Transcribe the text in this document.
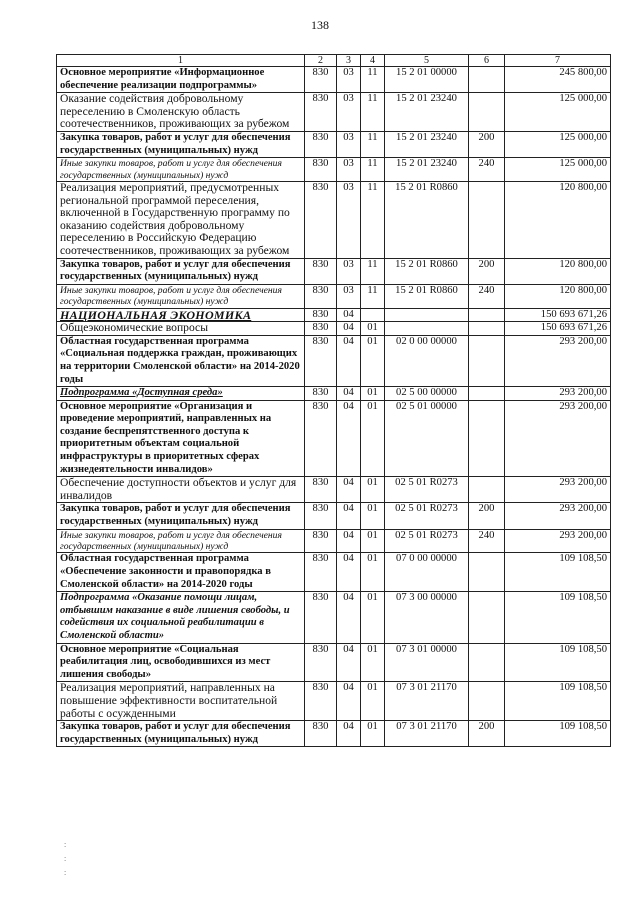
138
1	2	3	4	5	6	7
Основное мероприятие «Информационное обеспечение реализации подпрограммы»	830	03	11	15 2 01 00000		245 800,00
Оказание содействия добровольному переселению в Смоленскую область соотечественников, проживающих за рубежом	830	03	11	15 2 01 23240		125 000,00
Закупка товаров, работ и услуг для обеспечения государственных (муниципальных) нужд	830	03	11	15 2 01 23240	200	125 000,00
Иные закупки товаров, работ и услуг для обеспечения государственных (муниципальных) нужд	830	03	11	15 2 01 23240	240	125 000,00
Реализация мероприятий, предусмотренных региональной программой переселения, включенной в Государственную программу по оказанию содействия добровольному переселению в Российскую Федерацию соотечественников, проживающих за рубежом	830	03	11	15 2 01 R0860		120 800,00
Закупка товаров, работ и услуг для обеспечения государственных (муниципальных) нужд	830	03	11	15 2 01 R0860	200	120 800,00
Иные закупки товаров, работ и услуг для обеспечения государственных (муниципальных) нужд	830	03	11	15 2 01 R0860	240	120 800,00
НАЦИОНАЛЬНАЯ ЭКОНОМИКА	830	04				150 693 671,26
Общеэкономические вопросы	830	04	01			150 693 671,26
Областная государственная программа «Социальная поддержка граждан, проживающих на территории Смоленской области» на 2014-2020 годы	830	04	01	02 0 00 00000		293 200,00
Подпрограмма «Доступная среда»	830	04	01	02 5 00 00000		293 200,00
Основное мероприятие «Организация и проведение мероприятий, направленных на создание беспрепятственного доступа к приоритетным объектам социальной инфраструктуры в приоритетных сферах жизнедеятельности инвалидов»	830	04	01	02 5 01 00000		293 200,00
Обеспечение доступности объектов и услуг для инвалидов	830	04	01	02 5 01 R0273		293 200,00
Закупка товаров, работ и услуг для обеспечения государственных (муниципальных) нужд	830	04	01	02 5 01 R0273	200	293 200,00
Иные закупки товаров, работ и услуг для обеспечения государственных (муниципальных) нужд	830	04	01	02 5 01 R0273	240	293 200,00
Областная государственная программа «Обеспечение законности и правопорядка в Смоленской области» на 2014-2020 годы	830	04	01	07 0 00 00000		109 108,50
Подпрограмма «Оказание помощи лицам, отбывшим наказание в виде лишения свободы, и содействия их социальной реабилитации в Смоленской области»	830	04	01	07 3 00 00000		109 108,50
Основное мероприятие «Социальная реабилитация лиц, освободившихся из мест лишения свободы»	830	04	01	07 3 01 00000		109 108,50
Реализация мероприятий, направленных на повышение эффективности воспитательной работы с осужденными	830	04	01	07 3 01 21170		109 108,50
Закупка товаров, работ и услуг для обеспечения государственных (муниципальных) нужд	830	04	01	07 3 01 21170	200	109 108,50
:
:
:
